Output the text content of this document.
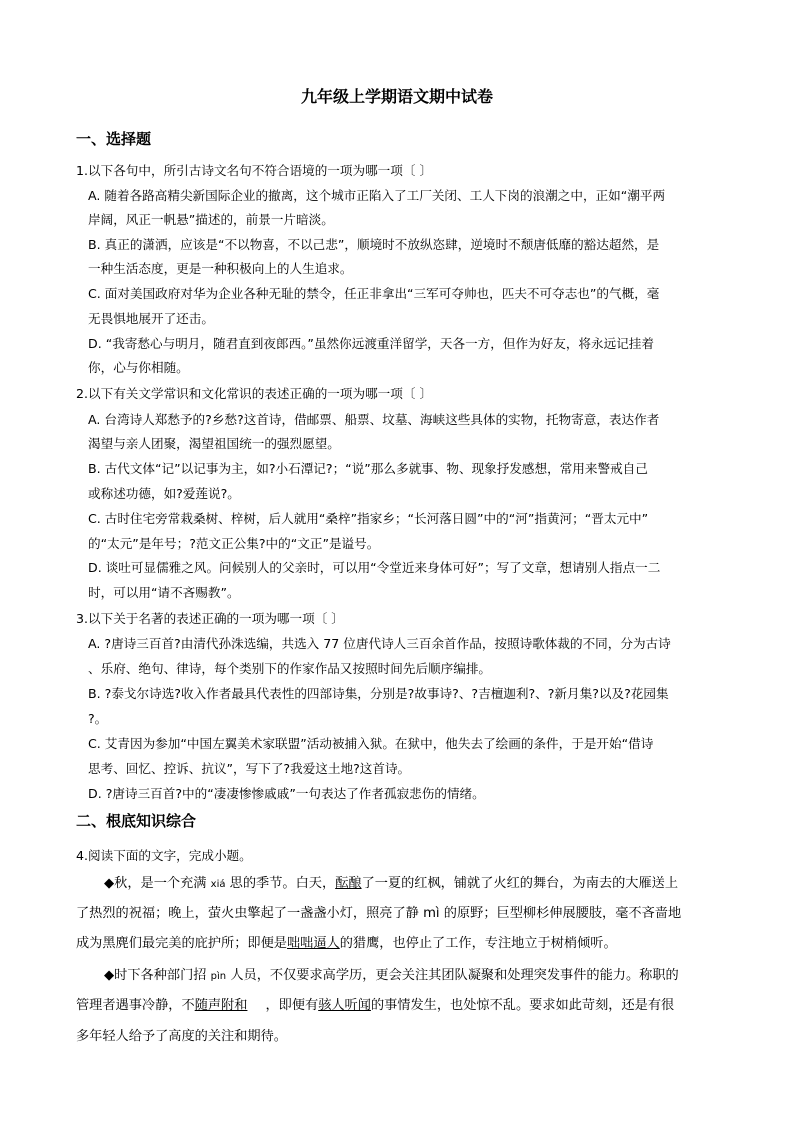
九年级上学期语文期中试卷
一、选择题
1.以下各句中，所引古诗文名句不符合语境的一项为哪一项〔 〕
A. 随着各路高精尖新国际企业的撤离，这个城市正陷入了工厂关闭、工人下岗的浪潮之中，正如“潮平两
岸阔，风正一帆悬”描述的，前景一片暗淡。
B. 真正的潇洒，应该是“不以物喜，不以己悲”，顺境时不放纵恣肆，逆境时不颓唐低靡的豁达超然，是
一种生活态度，更是一种积极向上的人生追求。
C. 面对美国政府对华为企业各种无耻的禁令，任正非拿出“三军可夺帅也，匹夫不可夺志也”的气概，毫
无畏惧地展开了还击。
D. “我寄愁心与明月，随君直到夜郎西。”虽然你远渡重洋留学，天各一方，但作为好友，将永远记挂着
你，心与你相随。
2.以下有关文学常识和文化常识的表述正确的一项为哪一项〔 〕
A. 台湾诗人郑愁予的?乡愁?这首诗，借邮票、船票、坟墓、海峡这些具体的实物，托物寄意，表达作者
渴望与亲人团聚，渴望祖国统一的强烈愿望。
B. 古代文体“记”以记事为主，如?小石潭记?；“说”那么多就事、物、现象抒发感想，常用来警戒自己
或称述功德，如?爱莲说?。
C. 古时住宅旁常栽桑树、梓树，后人就用“桑梓”指家乡；“长河落日圆”中的“河”指黄河；“晋太元中”
的“太元”是年号；?范文正公集?中的“文正”是谥号。
D. 谈吐可显儒雅之风。问候别人的父亲时，可以用“令堂近来身体可好”；写了文章，想请别人指点一二
时，可以用“请不吝赐教”。
3.以下关于名著的表述正确的一项为哪一项〔 〕
A. ?唐诗三百首?由清代孙洙选编，共选入 77 位唐代诗人三百余首作品，按照诗歌体裁的不同，分为古诗
、乐府、绝句、律诗，每个类别下的作家作品又按照时间先后顺序编排。
B. ?泰戈尔诗选?收入作者最具代表性的四部诗集，分别是?故事诗?、?吉檀迦利?、?新月集?以及?花园集
?。
C. 艾青因为参加“中国左翼美术家联盟”活动被捕入狱。在狱中，他失去了绘画的条件，于是开始“借诗
思考、回忆、控诉、抗议”，写下了?我爱这土地?这首诗。
D. ?唐诗三百首?中的“凄凄惨惨戚戚”一句表达了作者孤寂悲伤的情绪。
二、根底知识综合
4.阅读下面的文字，完成小题。
◆秋，是一个充满 xiá 思的季节。白天，酝酿了一夏的红枫，铺就了火红的舞台，为南去的大雁送上
了热烈的祝福；晚上，萤火虫擎起了一盏盏小灯，照亮了静 mì 的原野；巨型柳杉伸展腰肢，毫不吝啬地
成为黑麂们最完美的庇护所；即便是咄咄逼人的猎鹰，也停止了工作，专注地立于树梢倾听。
◆时下各种部门招 pìn 人员，不仅要求高学历，更会关注其团队凝聚和处理突发事件的能力。称职的
管理者遇事冷静，不随声附和 ，即便有骇人听闻的事情发生，也处惊不乱。要求如此苛刻，还是有很
多年轻人给予了高度的关注和期待。
